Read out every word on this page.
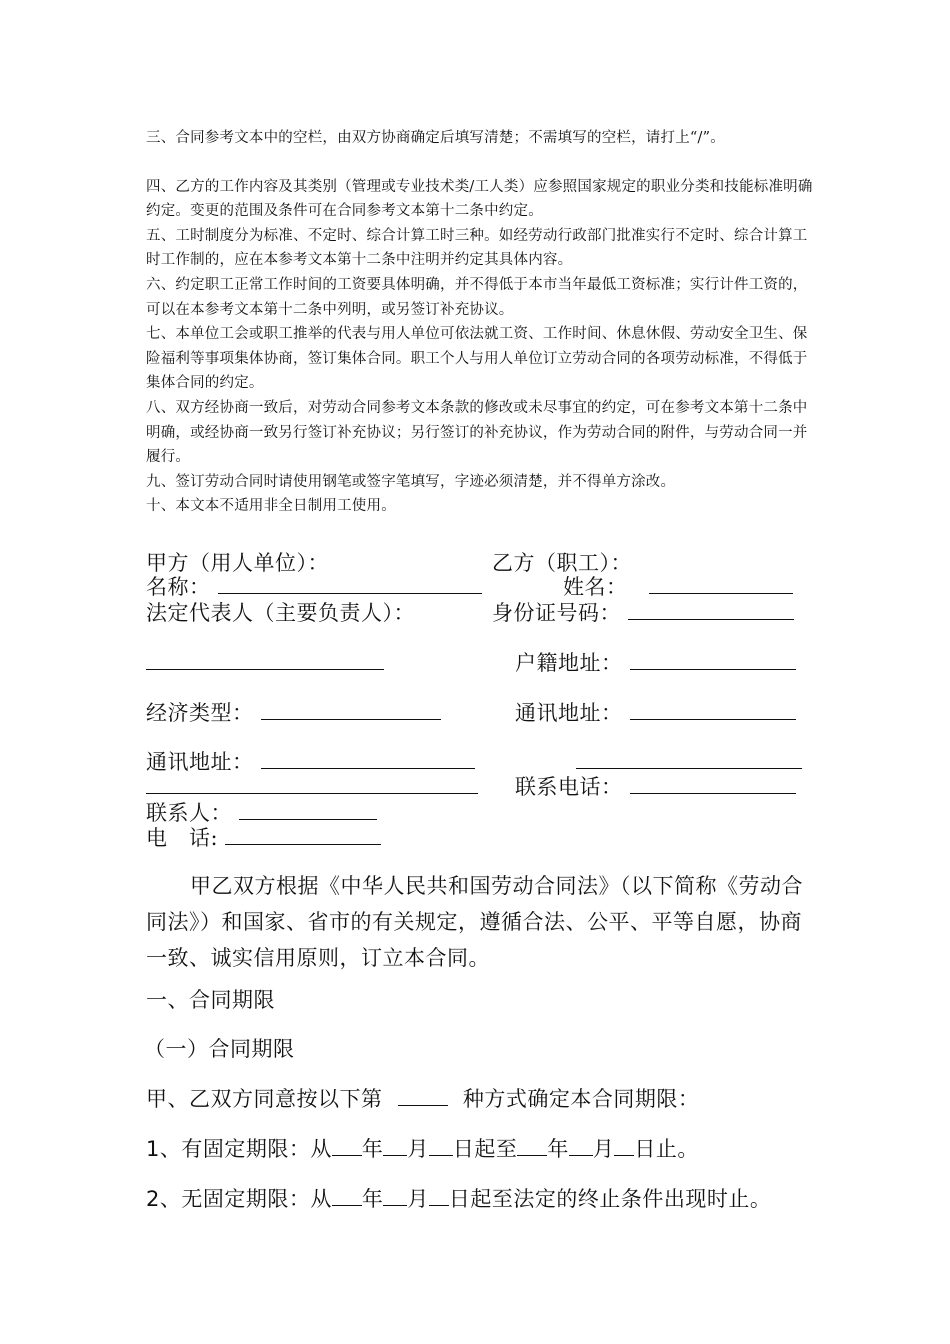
三、合同参考文本中的空栏，由双方协商确定后填写清楚；不需填写的空栏，请打上“/”。

四、乙方的工作内容及其类别（管理或专业技术类/工人类）应参照国家规定的职业分类和技能标准明确约定。变更的范围及条件可在合同参考文本第十二条中约定。

五、工时制度分为标准、不定时、综合计算工时三种。如经劳动行政部门批准实行不定时、综合计算工时工作制的，应在本参考文本第十二条中注明并约定其具体内容。

六、约定职工正常工作时间的工资要具体明确，并不得低于本市当年最低工资标准；实行计件工资的，可以在本参考文本第十二条中列明，或另签订补充协议。

七、本单位工会或职工推举的代表与用人单位可依法就工资、工作时间、休息休假、劳动安全卫生、保险福利等事项集体协商，签订集体合同。职工个人与用人单位订立劳动合同的各项劳动标准，不得低于集体合同的约定。

八、双方经协商一致后，对劳动合同参考文本条款的修改或未尽事宜的约定，可在参考文本第十二条中明确，或经协商一致另行签订补充协议；另行签订的补充协议，作为劳动合同的附件，与劳动合同一并履行。

九、签订劳动合同时请使用钢笔或签字笔填写，字迹必须清楚，并不得单方涂改。

十、本文本不适用非全日制用工使用。

甲方（用人单位）：
名称：
法定代表人（主要负责人）：
经济类型：
通讯地址：
联系人：
电　话:
乙方（职工）：
姓名：
身份证号码：
户籍地址：
通讯地址：
联系电话：

甲乙双方根据《中华人民共和国劳动合同法》（以下简称《劳动合同法》）和国家、省市的有关规定，遵循合法、公平、平等自愿，协商一致、诚实信用原则，订立本合同。

一、合同期限
（一）合同期限
甲、乙双方同意按以下第	种方式确定本合同期限：
1、有固定期限：从 年 月 日起至 年 月 日止。
2、无固定期限：从 年 月 日起至法定的终止条件出现时止。
